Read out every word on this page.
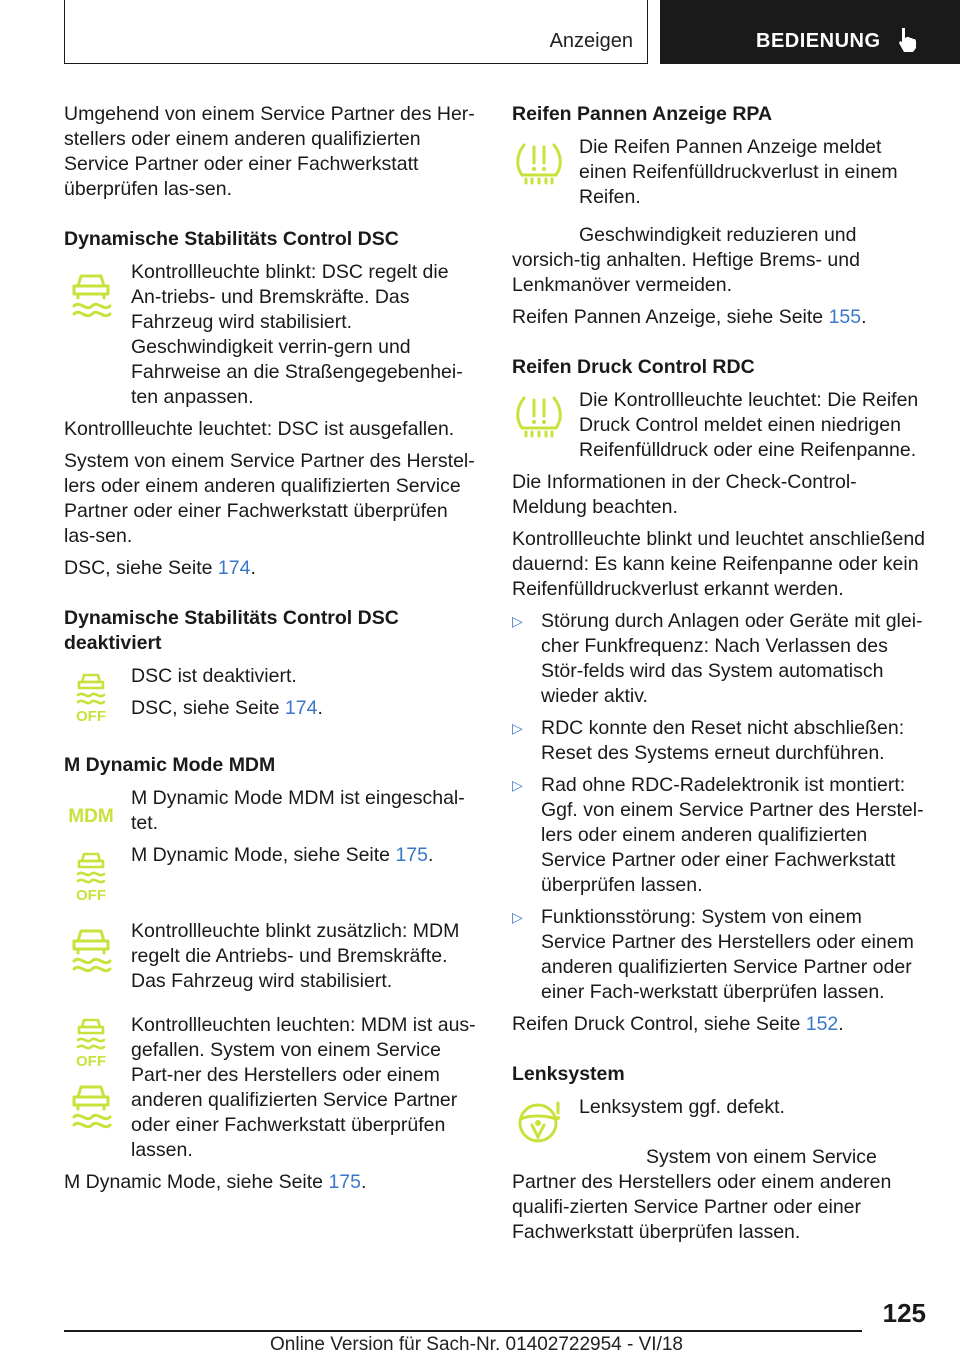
Anzeigen	BEDIENUNG

Umgehend von einem Service Partner des Her-stellers oder einem anderen qualifizierten Service Partner oder einer Fachwerkstatt überprüfen las-sen.

Dynamische Stabilitäts Control DSC

Kontrollleuchte blinkt: DSC regelt die An-triebs- und Bremskräfte. Das Fahrzeug wird stabilisiert. Geschwindigkeit verrin-gern und Fahrweise an die Straßengegebenhei-ten anpassen.

Kontrollleuchte leuchtet: DSC ist ausgefallen.

System von einem Service Partner des Herstel-lers oder einem anderen qualifizierten Service Partner oder einer Fachwerkstatt überprüfen las-sen.

DSC, siehe Seite 174.

Dynamische Stabilitäts Control DSC deaktiviert
OFF

DSC ist deaktiviert.

DSC, siehe Seite 174.

M Dynamic Mode MDM
MDM

M Dynamic Mode MDM ist eingeschal-tet.

OFF

M Dynamic Mode, siehe Seite 175.

Kontrollleuchte blinkt zusätzlich: MDM regelt die Antriebs- und Bremskräfte. Das Fahrzeug wird stabilisiert.

OFF

Kontrollleuchten leuchten: MDM ist aus-gefallen. System von einem Service Part-ner des Herstellers oder einem anderen qualifizierten Service Partner oder einer Fachwerkstatt überprüfen lassen.

M Dynamic Mode, siehe Seite 175.

Reifen Pannen Anzeige RPA

Die Reifen Pannen Anzeige meldet einen Reifenfülldruckverlust in einem Reifen.

Geschwindigkeit reduzieren und vorsich-tig anhalten. Heftige Brems- und Lenkmanöver vermeiden.

Reifen Pannen Anzeige, siehe Seite 155.

Reifen Druck Control RDC

Die Kontrollleuchte leuchtet: Die Reifen Druck Control meldet einen niedrigen Reifenfülldruck oder eine Reifenpanne.

Die Informationen in der Check-Control-Meldung beachten.

Kontrollleuchte blinkt und leuchtet anschließend dauernd: Es kann keine Reifenpanne oder kein Reifenfülldruckverlust erkannt werden.

▷ Störung durch Anlagen oder Geräte mit glei-cher Funkfrequenz: Nach Verlassen des Stör-felds wird das System automatisch wieder aktiv.
▷ RDC konnte den Reset nicht abschließen: Reset des Systems erneut durchführen.
▷ Rad ohne RDC-Radelektronik ist montiert: Ggf. von einem Service Partner des Herstel-lers oder einem anderen qualifizierten Service Partner oder einer Fachwerkstatt überprüfen lassen.
▷ Funktionsstörung: System von einem Service Partner des Herstellers oder einem anderen qualifizierten Service Partner oder einer Fach-werkstatt überprüfen lassen.

Reifen Druck Control, siehe Seite 152.

Lenksystem

Lenksystem ggf. defekt.

System von einem Service Partner des Herstellers oder einem anderen qualifi-zierten Service Partner oder einer Fachwerkstatt überprüfen lassen.

125
Online Version für Sach-Nr. 01402722954 - VI/18
